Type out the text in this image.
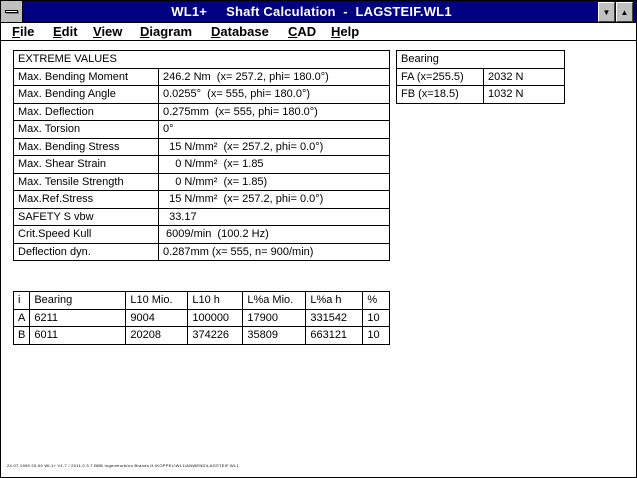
WL1+     Shaft Calculation  -  LAGSTEIF.WL1	▼	▲
File Edit View Diagram Database CAD Help
EXTREME VALUES	
Max. Bending Moment	246.2 Nm  (x= 257.2, phi= 180.0°)
Max. Bending Angle	0.0255°  (x= 555, phi= 180.0°)
Max. Deflection	0.275mm  (x= 555, phi= 180.0°)
Max. Torsion	0°
Max. Bending Stress	15 N/mm²  (x= 257.2, phi= 0.0°)
Max. Shear Strain	0 N/mm²  (x= 1.85
Max. Tensile Strength	0 N/mm²  (x= 1.85)
Max.Ref.Stress	15 N/mm²  (x= 257.2, phi= 0.0°)
SAFETY S vbw	33.17
Crit.Speed Kull	6009/min  (100.2 Hz)
Deflection dyn.	0.287mm (x= 555, n= 900/min)
Bearing	
FA (x=255.5)	2032 N
FB (x=18.5)	1032 N
i	Bearing	L10 Mio.	L10 h	L%a Mio.	L%a h	%
A	6211	9004	100000	17900	331542	10
B	6011	20208	374226	35809	663121	10
24.07.1995 20:09 WL1+ V1.7 / 2011.0 3.7 BBB Ingenieurbüro Brands H:\KOPPEL\WL1\ANWEND\LAGSTEIF.WL1
